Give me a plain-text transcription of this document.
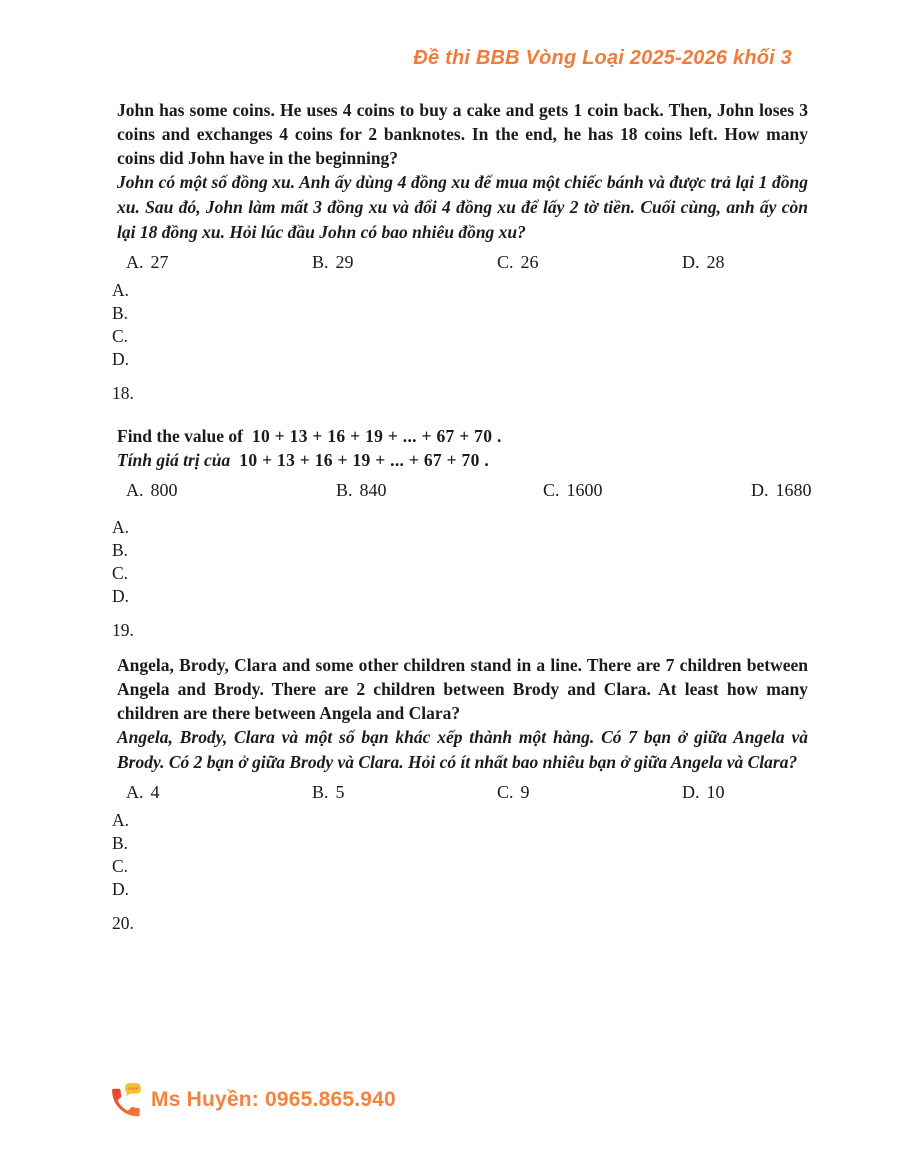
Đề thi BBB Vòng Loại 2025-2026 khối 3

John has some coins. He uses 4 coins to buy a cake and gets 1 coin back. Then, John loses 3 coins and exchanges 4 coins for 2 banknotes. In the end, he has 18 coins left. How many coins did John have in the beginning?

John có một số đồng xu. Anh ấy dùng 4 đồng xu để mua một chiếc bánh và được trả lại 1 đồng xu. Sau đó, John làm mất 3 đồng xu và đổi 4 đồng xu để lấy 2 tờ tiền. Cuối cùng, anh ấy còn lại 18 đồng xu. Hỏi lúc đầu John có bao nhiêu đồng xu?

A. 27	B. 29	C. 26	D. 28
A.
B.
C.
D.
18.

Find the value of 10 + 13 + 16 + 19 + ... + 67 + 70 .

Tính giá trị của 10 + 13 + 16 + 19 + ... + 67 + 70 .

A. 800	B. 840	C. 1600	D. 1680
A.
B.
C.
D.
19.

Angela, Brody, Clara and some other children stand in a line. There are 7 children between Angela and Brody. There are 2 children between Brody and Clara. At least how many children are there between Angela and Clara?

Angela, Brody, Clara và một số bạn khác xếp thành một hàng. Có 7 bạn ở giữa Angela và Brody. Có 2 bạn ở giữa Brody và Clara. Hỏi có ít nhất bao nhiêu bạn ở giữa Angela và Clara?

A. 4	B. 5	C. 9	D. 10
A.
B.
C.
D.
20.
Ms Huyền: 0965.865.940
